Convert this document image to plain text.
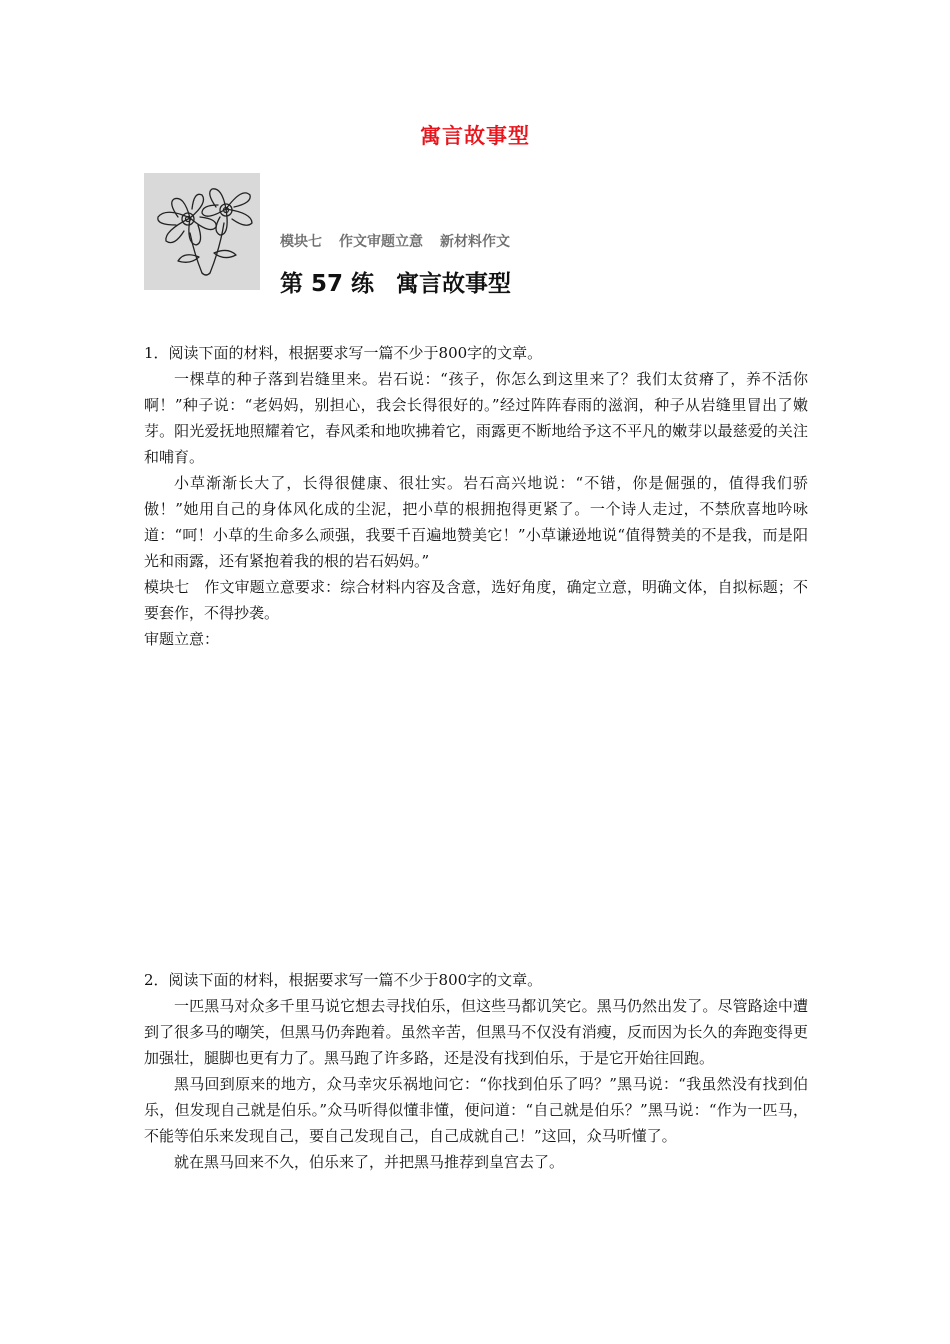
寓言故事型
模块七 作文审题立意 新材料作文
第 57 练 寓言故事型

1．阅读下面的材料，根据要求写一篇不少于800字的文章。

一棵草的种子落到岩缝里来。岩石说：“孩子，你怎么到这里来了？我们太贫瘠了，养不活你啊！”种子说：“老妈妈，别担心，我会长得很好的。”经过阵阵春雨的滋润，种子从岩缝里冒出了嫩芽。阳光爱抚地照耀着它，春风柔和地吹拂着它，雨露更不断地给予这不平凡的嫩芽以最慈爱的关注和哺育。

小草渐渐长大了，长得很健康、很壮实。岩石高兴地说：“不错，你是倔强的，值得我们骄傲！”她用自己的身体风化成的尘泥，把小草的根拥抱得更紧了。一个诗人走过，不禁欣喜地吟咏道：“呵！小草的生命多么顽强，我要千百遍地赞美它！”小草谦逊地说“值得赞美的不是我，而是阳光和雨露，还有紧抱着我的根的岩石妈妈。”

模块七　作文审题立意要求：综合材料内容及含意，选好角度，确定立意，明确文体，自拟标题；不要套作，不得抄袭。

审题立意：

2．阅读下面的材料，根据要求写一篇不少于800字的文章。

一匹黑马对众多千里马说它想去寻找伯乐，但这些马都讥笑它。黑马仍然出发了。尽管路途中遭到了很多马的嘲笑，但黑马仍奔跑着。虽然辛苦，但黑马不仅没有消瘦，反而因为长久的奔跑变得更加强壮，腿脚也更有力了。黑马跑了许多路，还是没有找到伯乐，于是它开始往回跑。

黑马回到原来的地方，众马幸灾乐祸地问它：“你找到伯乐了吗？”黑马说：“我虽然没有找到伯乐，但发现自己就是伯乐。”众马听得似懂非懂，便问道：“自己就是伯乐？”黑马说：“作为一匹马，不能等伯乐来发现自己，要自己发现自己，自己成就自己！”这回，众马听懂了。

就在黑马回来不久，伯乐来了，并把黑马推荐到皇宫去了。
